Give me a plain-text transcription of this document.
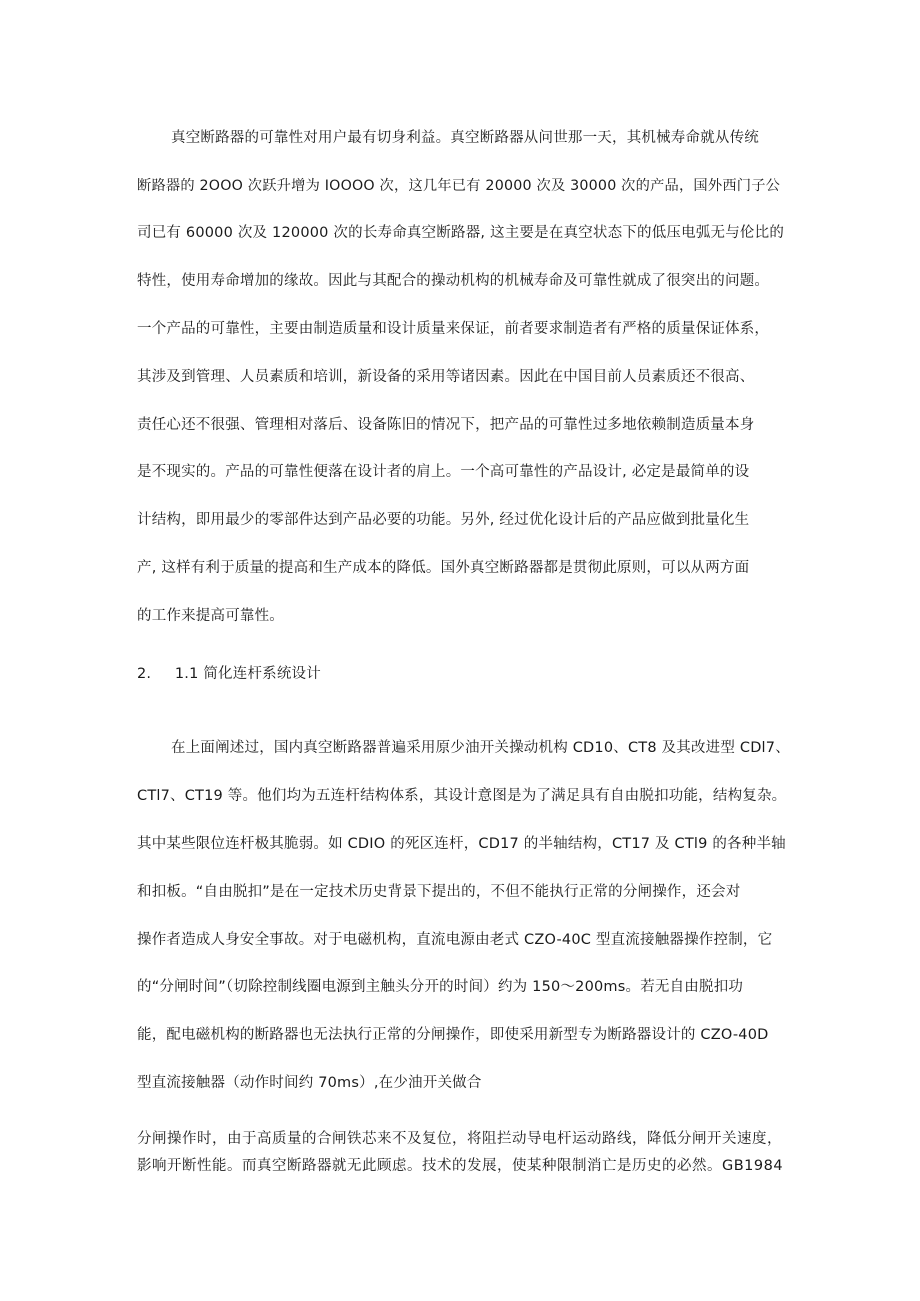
真空断路器的可靠性对用户最有切身利益。真空断路器从问世那一天，其机械寿命就从传统
断路器的 2OOO 次跃升增为 IOOOO 次，这几年已有 20000 次及 30000 次的产品，国外西门子公
司已有 60000 次及 120000 次的长寿命真空断路器, 这主要是在真空状态下的低压电弧无与伦比的
特性，使用寿命增加的缘故。因此与其配合的操动机构的机械寿命及可靠性就成了很突出的问题。
一个产品的可靠性，主要由制造质量和设计质量来保证，前者要求制造者有严格的质量保证体系，
其涉及到管理、人员素质和培训，新设备的采用等诸因素。因此在中国目前人员素质还不很高、
责任心还不很强、管理相对落后、设备陈旧的情况下，把产品的可靠性过多地依赖制造质量本身
是不现实的。产品的可靠性便落在设计者的肩上。一个高可靠性的产品设计, 必定是最简单的设
计结构，即用最少的零部件达到产品必要的功能。另外, 经过优化设计后的产品应做到批量化生
产, 这样有利于质量的提高和生产成本的降低。国外真空断路器都是贯彻此原则，可以从两方面
的工作来提高可靠性。
2. 1.1 简化连杆系统设计
在上面阐述过，国内真空断路器普遍采用原少油开关操动机构 CD10、CT8 及其改进型 CDl7、
CTl7、CT19 等。他们均为五连杆结构体系，其设计意图是为了满足具有自由脱扣功能，结构复杂。
其中某些限位连杆极其脆弱。如 CDIO 的死区连杆，CD17 的半轴结构，CT17 及 CTl9 的各种半轴
和扣板。“自由脱扣”是在一定技术历史背景下提出的，不但不能执行正常的分闸操作，还会对
操作者造成人身安全事故。对于电磁机构，直流电源由老式 CZO-40C 型直流接触器操作控制，它
的“分闸时间”（切除控制线圈电源到主触头分开的时间）约为 150～200ms。若无自由脱扣功
能，配电磁机构的断路器也无法执行正常的分闸操作，即使采用新型专为断路器设计的 CZO-40D
型直流接触器（动作时间约 70ms）,在少油开关做合
分闸操作时，由于高质量的合闸铁芯来不及复位，将阻拦动导电杆运动路线，降低分闸开关速度，
影响开断性能。而真空断路器就无此顾虑。技术的发展，使某种限制消亡是历史的必然。GB1984
